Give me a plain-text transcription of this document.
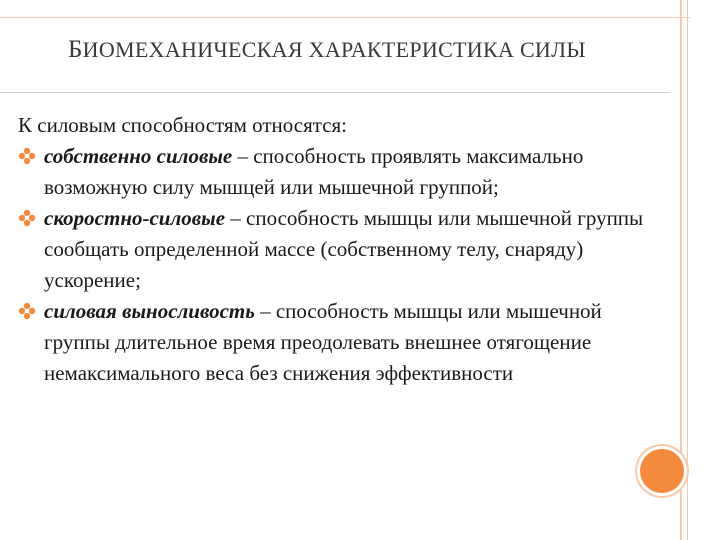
БИОМЕХАНИЧЕСКАЯ ХАРАКТЕРИСТИКА СИЛЫ

К силовым способностям относятся:

собственно силовые – способность проявлять максимально возможную силу мышцей или мышечной группой;
скоростно-силовые – способность мышцы или мышечной группы сообщать определенной массе (собственному телу, снаряду) ускорение;
силовая выносливость – способность мышцы или мышечной группы длительное время преодолевать внешнее отягощение немаксимального веса без снижения эффективности
